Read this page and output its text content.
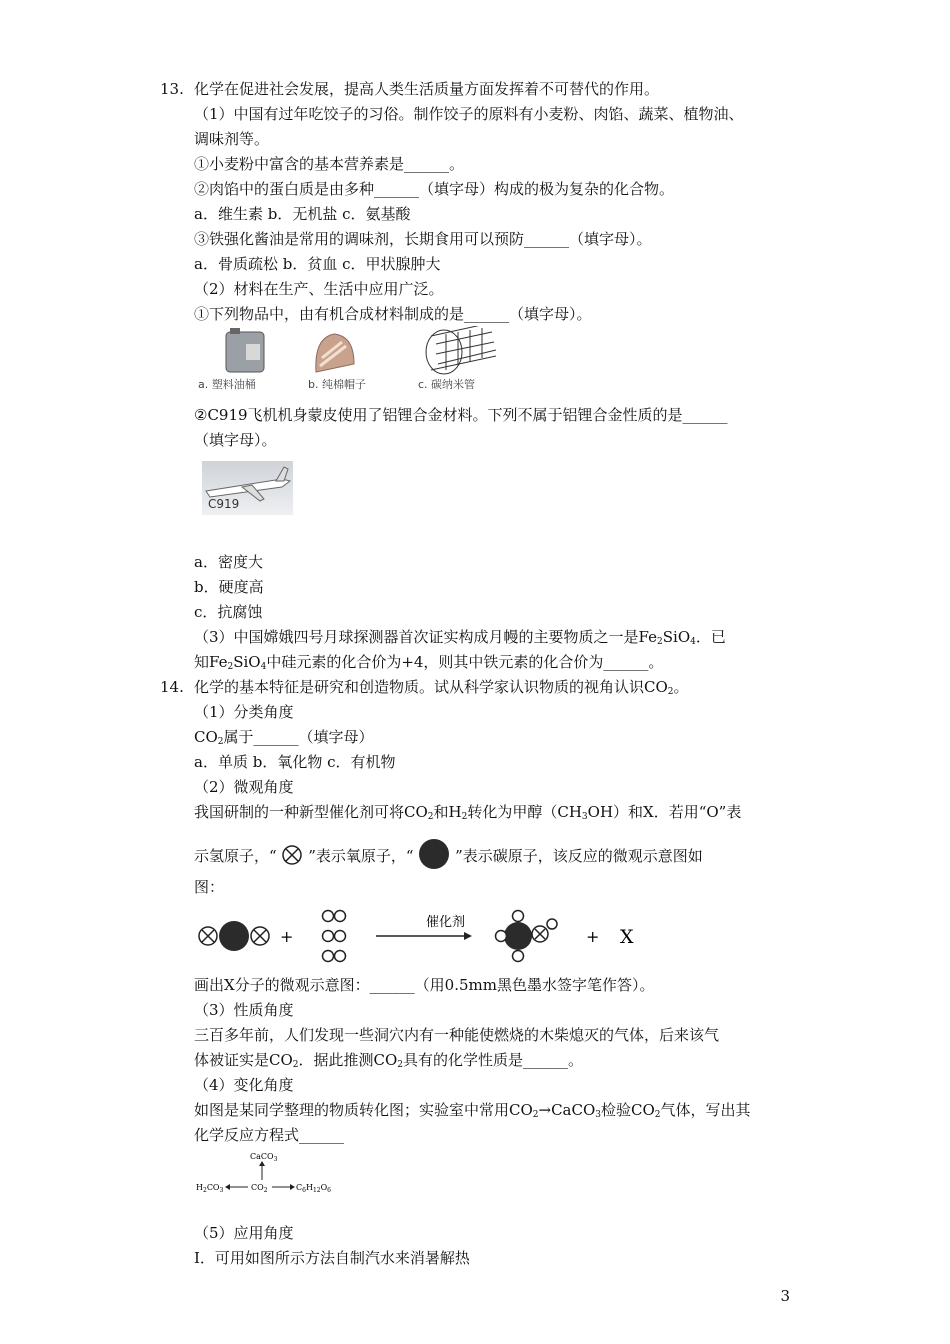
13. 化学在促进社会发展，提高人类生活质量方面发挥着不可替代的作用。
（1）中国有过年吃饺子的习俗。制作饺子的原料有小麦粉、肉馅、蔬菜、植物油、
调味剂等。
①小麦粉中富含的基本营养素是______。
②肉馅中的蛋白质是由多种______（填字母）构成的极为复杂的化合物。
a．维生素 b．无机盐 c．氨基酸
③铁强化酱油是常用的调味剂，长期食用可以预防______（填字母）。
a．骨质疏松 b．贫血 c．甲状腺肿大
（2）材料在生产、生活中应用广泛。
①下列物品中，由有机合成材料制成的是______（填字母）。
a. 塑料油桶	b. 纯棉帽子	c. 碳纳米管
②C919飞机机身蒙皮使用了铝锂合金材料。下列不属于铝锂合金性质的是______
（填字母）。
C919
a．密度大
b．硬度高
c．抗腐蚀
（3）中国嫦娥四号月球探测器首次证实构成月幔的主要物质之一是$Fe_2SiO_4$．已
知$Fe_2SiO_4$中硅元素的化合价为+4，则其中铁元素的化合价为______。
14. 化学的基本特征是研究和创造物质。试从科学家认识物质的视角认识$CO_2$。
（1）分类角度
$CO_2$属于______（填字母）
a．单质 b．氧化物 c．有机物
（2）微观角度
我国研制的一种新型催化剂可将$CO_2$和$H_2$转化为甲醇$(CH_3OH)$和X．若用“O”表
示氢原子，“ ”表示氧原子，“	”表示碳原子，该反应的微观示意图如
图：
+
催化剂
+ X
画出X分子的微观示意图：______（用0.5mm黑色墨水签字笔作答）。
（3）性质角度
三百多年前，人们发现一些洞穴内有一种能使燃烧的木柴熄灭的气体，后来该气
体被证实是$CO_2$．据此推测$CO_2$具有的化学性质是______。
（4）变化角度
如图是某同学整理的物质转化图；实验室中常用$CO_2\to CaCO_3$检验$CO_2$气体，写出其
化学反应方程式______
CaCO$_3$
$H_2CO_3$	$CO_2$	$C_6H_{12}O_6$
（5）应用角度
I．可用如图所示方法自制汽水来消暑解热
3
